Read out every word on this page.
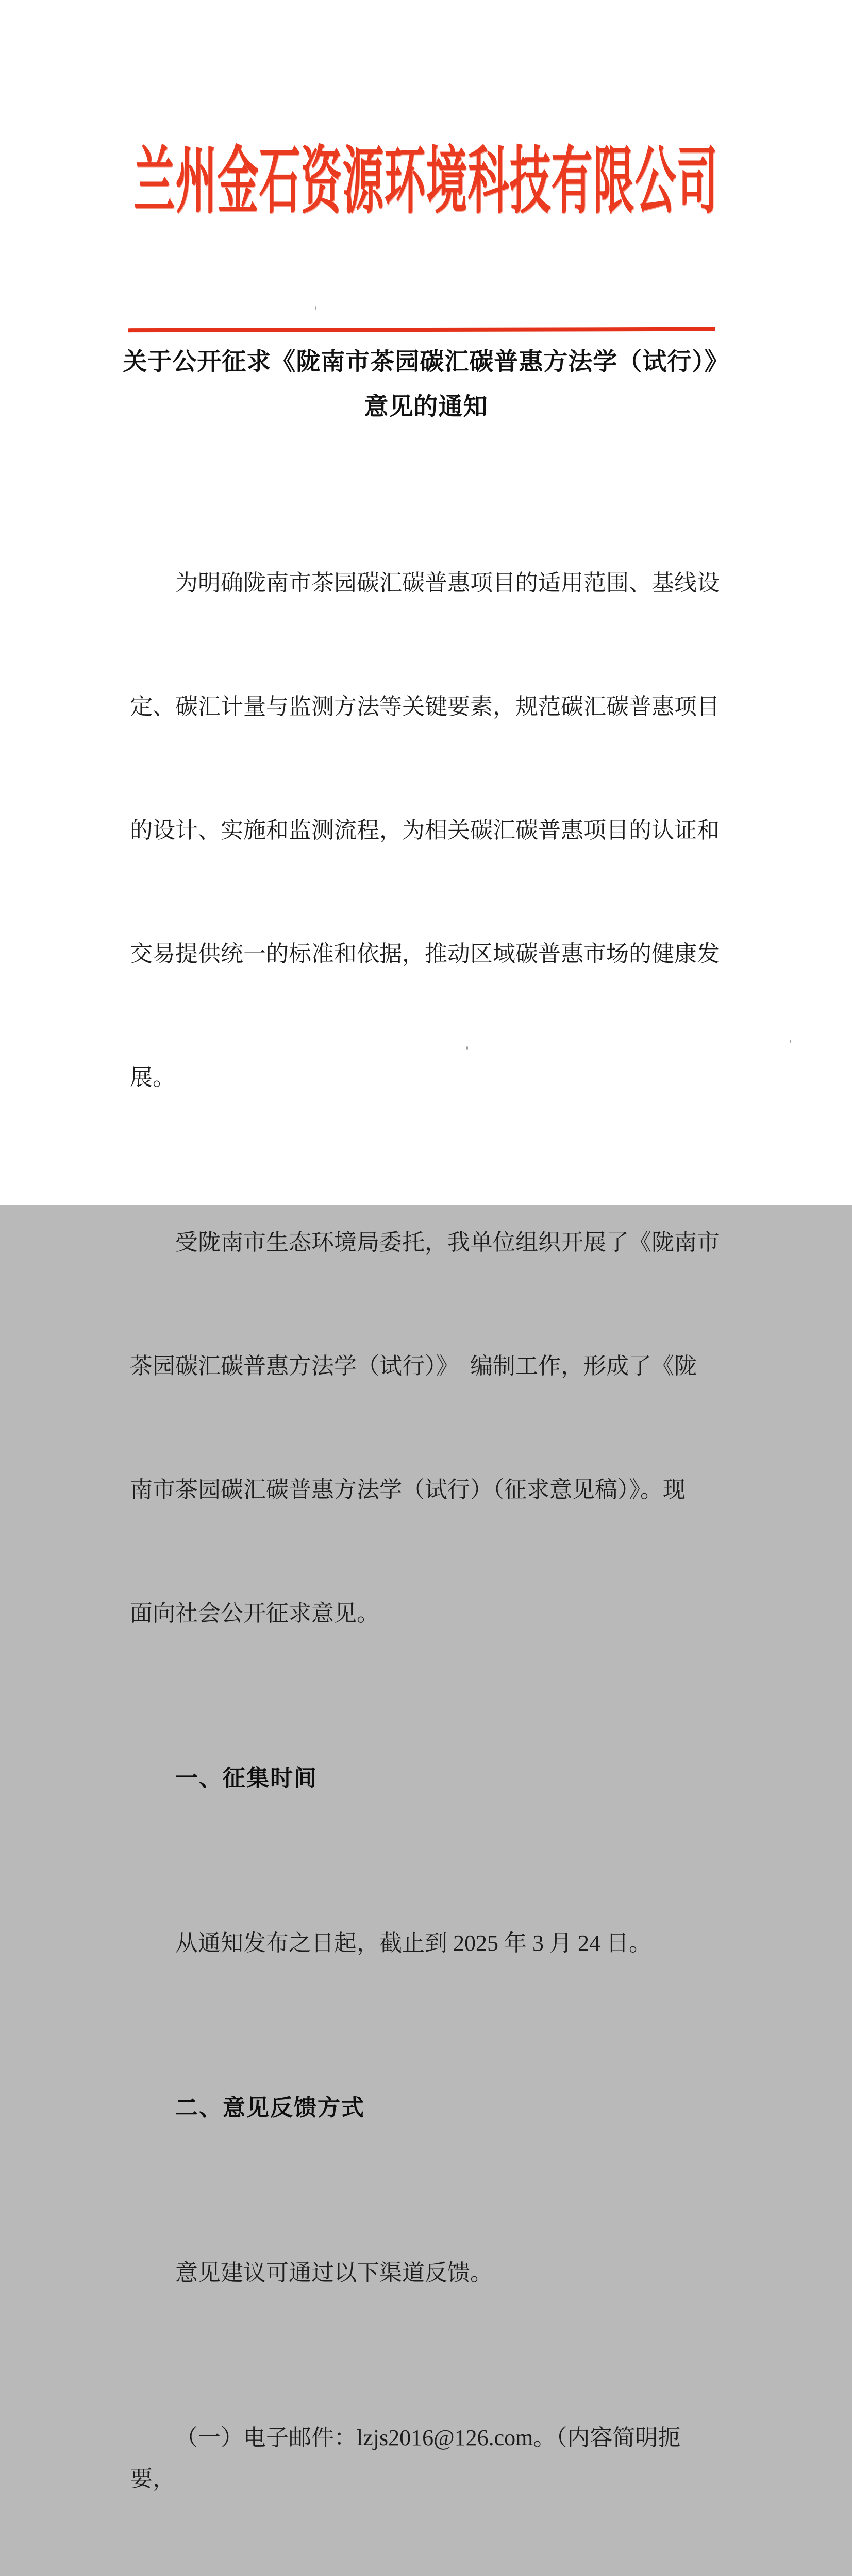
兰州金石资源环境科技有限公司
关于公开征求《陇南市茶园碳汇碳普惠方法学（试行）》
意见的通知

为明确陇南市茶园碳汇碳普惠项目的适用范围、基线设

定、碳汇计量与监测方法等关键要素，规范碳汇碳普惠项目

的设计、实施和监测流程，为相关碳汇碳普惠项目的认证和

交易提供统一的标准和依据，推动区域碳普惠市场的健康发

展。

受陇南市生态环境局委托，我单位组织开展了《陇南市

茶园碳汇碳普惠方法学（试行）》　编制工作，形成了《陇

南市茶园碳汇碳普惠方法学（试行）（征求意见稿）》。现

面向社会公开征求意见。

一、征集时间

从通知发布之日起，截止到 2025 年 3 月 24 日。

二、意见反馈方式

意见建议可通过以下渠道反馈。

（一）电子邮件：lzjs2016@126.com。（内容简明扼要，
